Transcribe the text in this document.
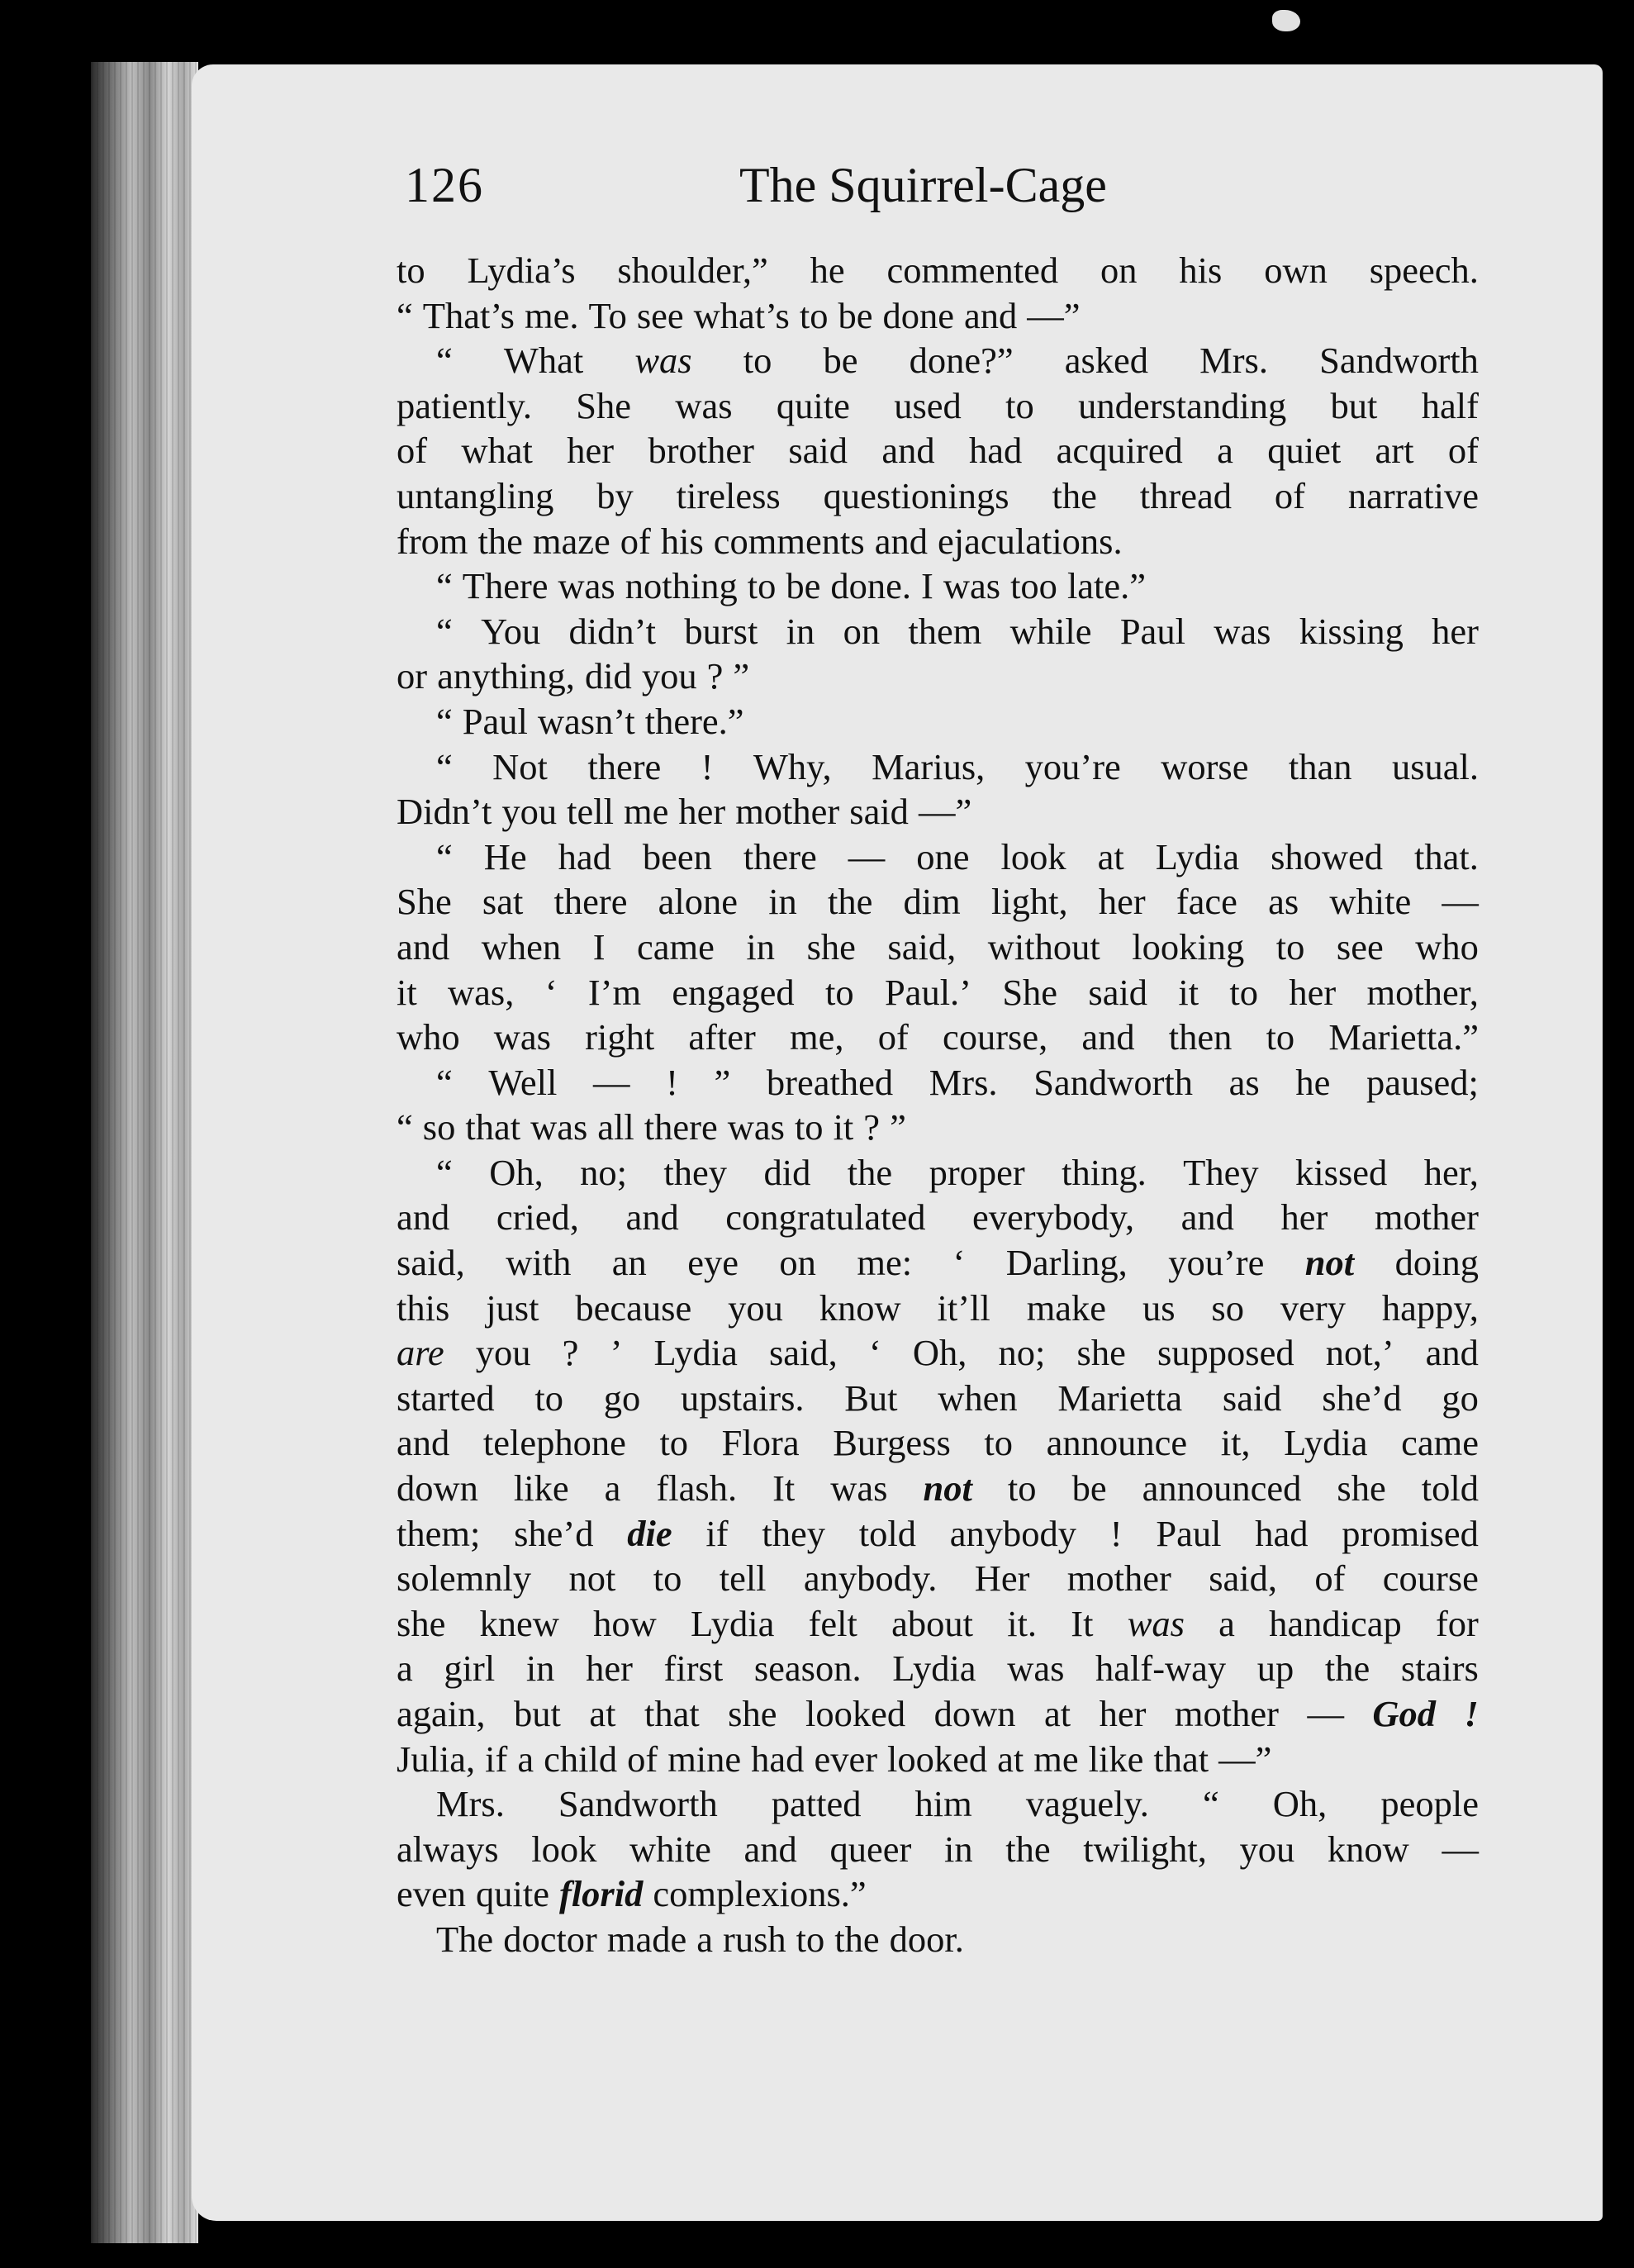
126	The Squirrel-Cage
to Lydia’s shoulder,” he commented on his own speech.
“ That’s me. To see what’s to be done and —”
“ What was to be done?” asked Mrs. Sandworth
patiently. She was quite used to understanding but half
of what her brother said and had acquired a quiet art of
untangling by tireless questionings the thread of narrative
from the maze of his comments and ejaculations.
“ There was nothing to be done. I was too late.”
“ You didn’t burst in on them while Paul was kissing her
or anything, did you ? ”
“ Paul wasn’t there.”
“ Not there ! Why, Marius, you’re worse than usual.
Didn’t you tell me her mother said —”
“ He had been there — one look at Lydia showed that.
She sat there alone in the dim light, her face as white —
and when I came in she said, without looking to see who
it was, ‘ I’m engaged to Paul.’ She said it to her mother,
who was right after me, of course, and then to Marietta.”
“ Well — ! ” breathed Mrs. Sandworth as he paused;
“ so that was all there was to it ? ”
“ Oh, no; they did the proper thing. They kissed her,
and cried, and congratulated everybody, and her mother
said, with an eye on me: ‘ Darling, you’re not doing
this just because you know it’ll make us so very happy,
are you ? ’ Lydia said, ‘ Oh, no; she supposed not,’ and
started to go upstairs. But when Marietta said she’d go
and telephone to Flora Burgess to announce it, Lydia came
down like a flash. It was not to be announced she told
them; she’d die if they told anybody ! Paul had promised
solemnly not to tell anybody. Her mother said, of course
she knew how Lydia felt about it. It was a handicap for
a girl in her first season. Lydia was half-way up the stairs
again, but at that she looked down at her mother — God !
Julia, if a child of mine had ever looked at me like that —”
Mrs. Sandworth patted him vaguely. “ Oh, people
always look white and queer in the twilight, you know —
even quite florid complexions.”
The doctor made a rush to the door.
